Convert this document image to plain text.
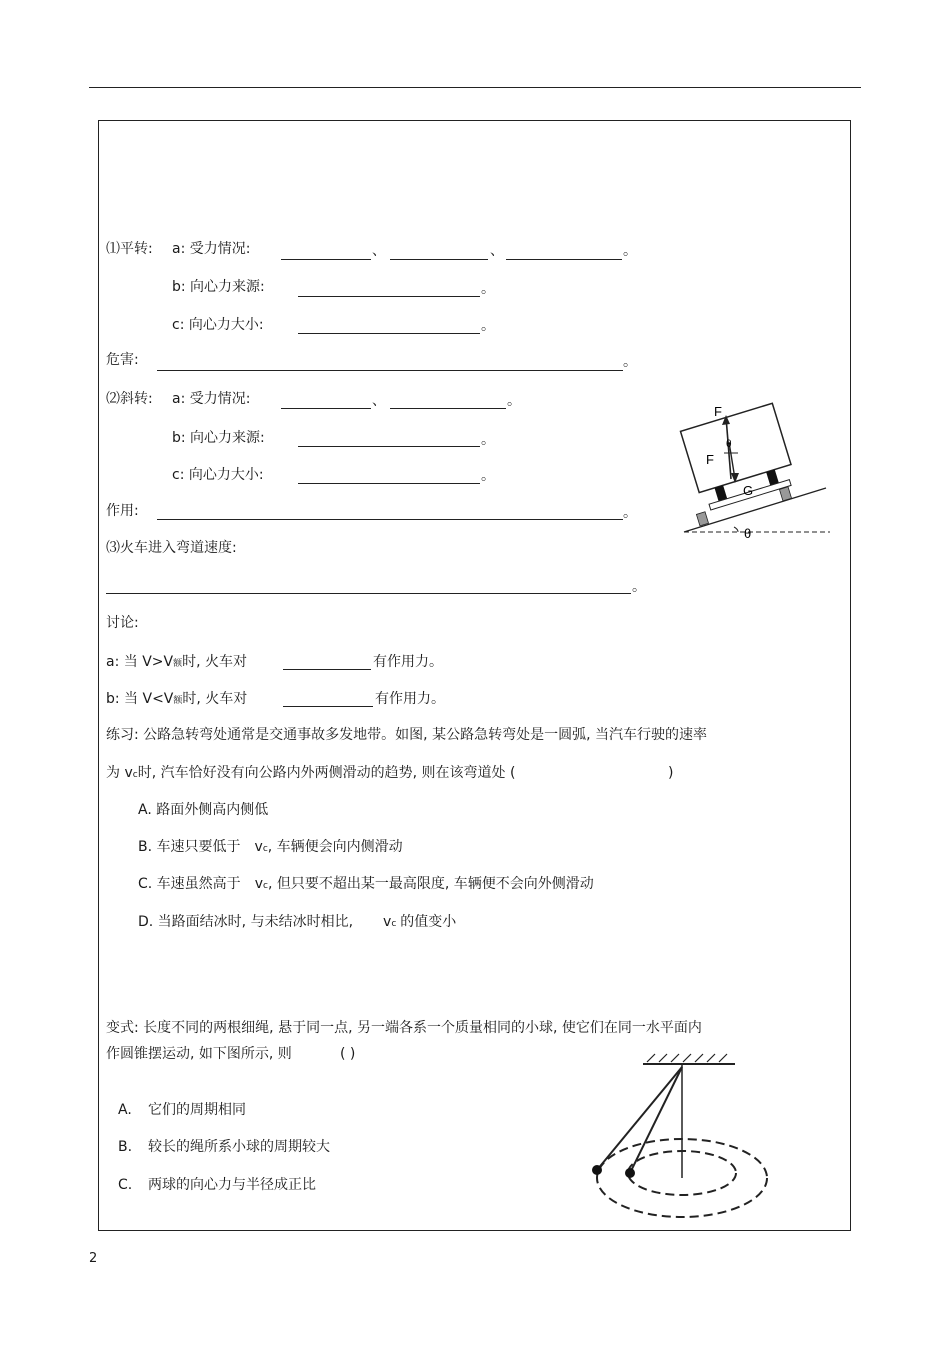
⑴平转: a: 受力情况:	、	、	。
b: 向心力来源:	。
c: 向心力大小:	。
危害:	。
⑵斜转: a: 受力情况:	、	。
b: 向心力来源:	。
c: 向心力大小:	。
作用:	。
F
F
G
θ
θ
⑶火车进入弯道速度:
。
讨论:
a: 当 V>V额时, 火车对	有作用力。
b: 当 V<V额时, 火车对	有作用力。
练习: 公路急转弯处通常是交通事故多发地带。如图, 某公路急转弯处是一圆弧, 当汽车行驶的速率
为 vc时, 汽车恰好没有向公路内外两侧滑动的趋势, 则在该弯道处 (	)
A. 路面外侧高内侧低
B. 车速只要低于 vc, 车辆便会向内侧滑动
C. 车速虽然高于 vc, 但只要不超出某一最高限度, 车辆便不会向外侧滑动
D. 当路面结冰时, 与未结冰时相比, vc 的值变小
变式: 长度不同的两根细绳, 悬于同一点, 另一端各系一个质量相同的小球, 使它们在同一水平面内
作圆锥摆运动, 如下图所示, 则	( )
A. 它们的周期相同
B. 较长的绳所系小球的周期较大
C. 两球的向心力与半径成正比
2
